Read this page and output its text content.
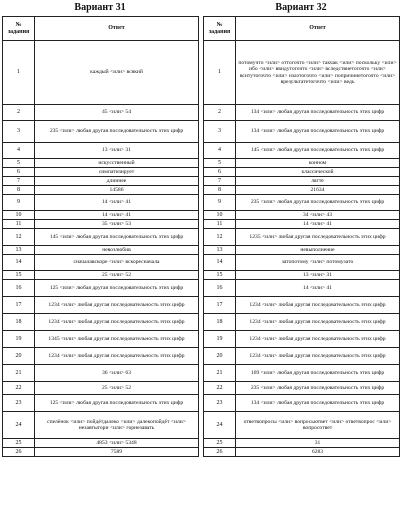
Вариант 31
№ задания	Ответ
1	каждый <или> всякий
2	45 <или> 54
3	235 <или> любая другая последовательность этих цифр
4	13 <или> 31
5	искусственный
6	симпатизирует
7	длиннее
8	14586
9	14 <или> 41
10	14 <или> 41
11	35 <или> 53
12	145 <или> любая другая последовательность этих цифр
13	невозлюбив
14	сначалавскоре <или> вскоресначала
15	25 <или> 52
16	125 <или> любая другая последовательность этих цифр
17	1234 <или> любая другая последовательность этих цифр
18	1234 <или> любая другая последовательность этих цифр
19	1345 <или> любая другая последовательность этих цифр
20	1234 <или> любая другая последовательность этих цифр
21	36 <или> 63
22	25 <или> 52
23	125 <или> любая другая последовательность этих цифр
24	спелёнок <или> пойдётдалеко <или> далекопойдёт <или> незавтыгори <или> горнезавать
25	4853 <или> 5348
26	7589
Вариант 32
№ задания	Ответ
1	потомучто <или> оттогочто <или> такчак <или> поскольку <или> ибо <или> ввидутогочто <или> вследствиетогочто <или> вситутогочто <или> изаэтогочто <или> попричинетогочто <или> врезультатетогочто <или> ведь
2	134 <или> любая другая последовательность этих цифр
3	134 <или> любая другая последовательность этих цифр
4	145 <или> любая другая последовательность этих цифр
5	конном
6	классической
7	лягте
8	21634
9	235 <или> любая другая последовательность этих цифр
10	34 <или> 43
11	14 <или> 41
12	1235 <или> любая другая последовательность этих цифр
13	невыполнение
14	затопотому <или> потомузато
15	13 <или> 31
16	14 <или> 41
17	1234 <или> любая другая последовательность этих цифр
18	1234 <или> любая другая последовательность этих цифр
19	1234 <или> любая другая последовательность этих цифр
20	1234 <или> любая другая последовательность этих цифр
21	169 <или> любая другая последовательность этих цифр
22	235 <или> любая другая последовательность этих цифр
23	134 <или> любая другая последовательность этих цифр
24	ответвопросы <или> вопросыответ <или> ответвопрос <или> вопросответ
25	31
26	6283
